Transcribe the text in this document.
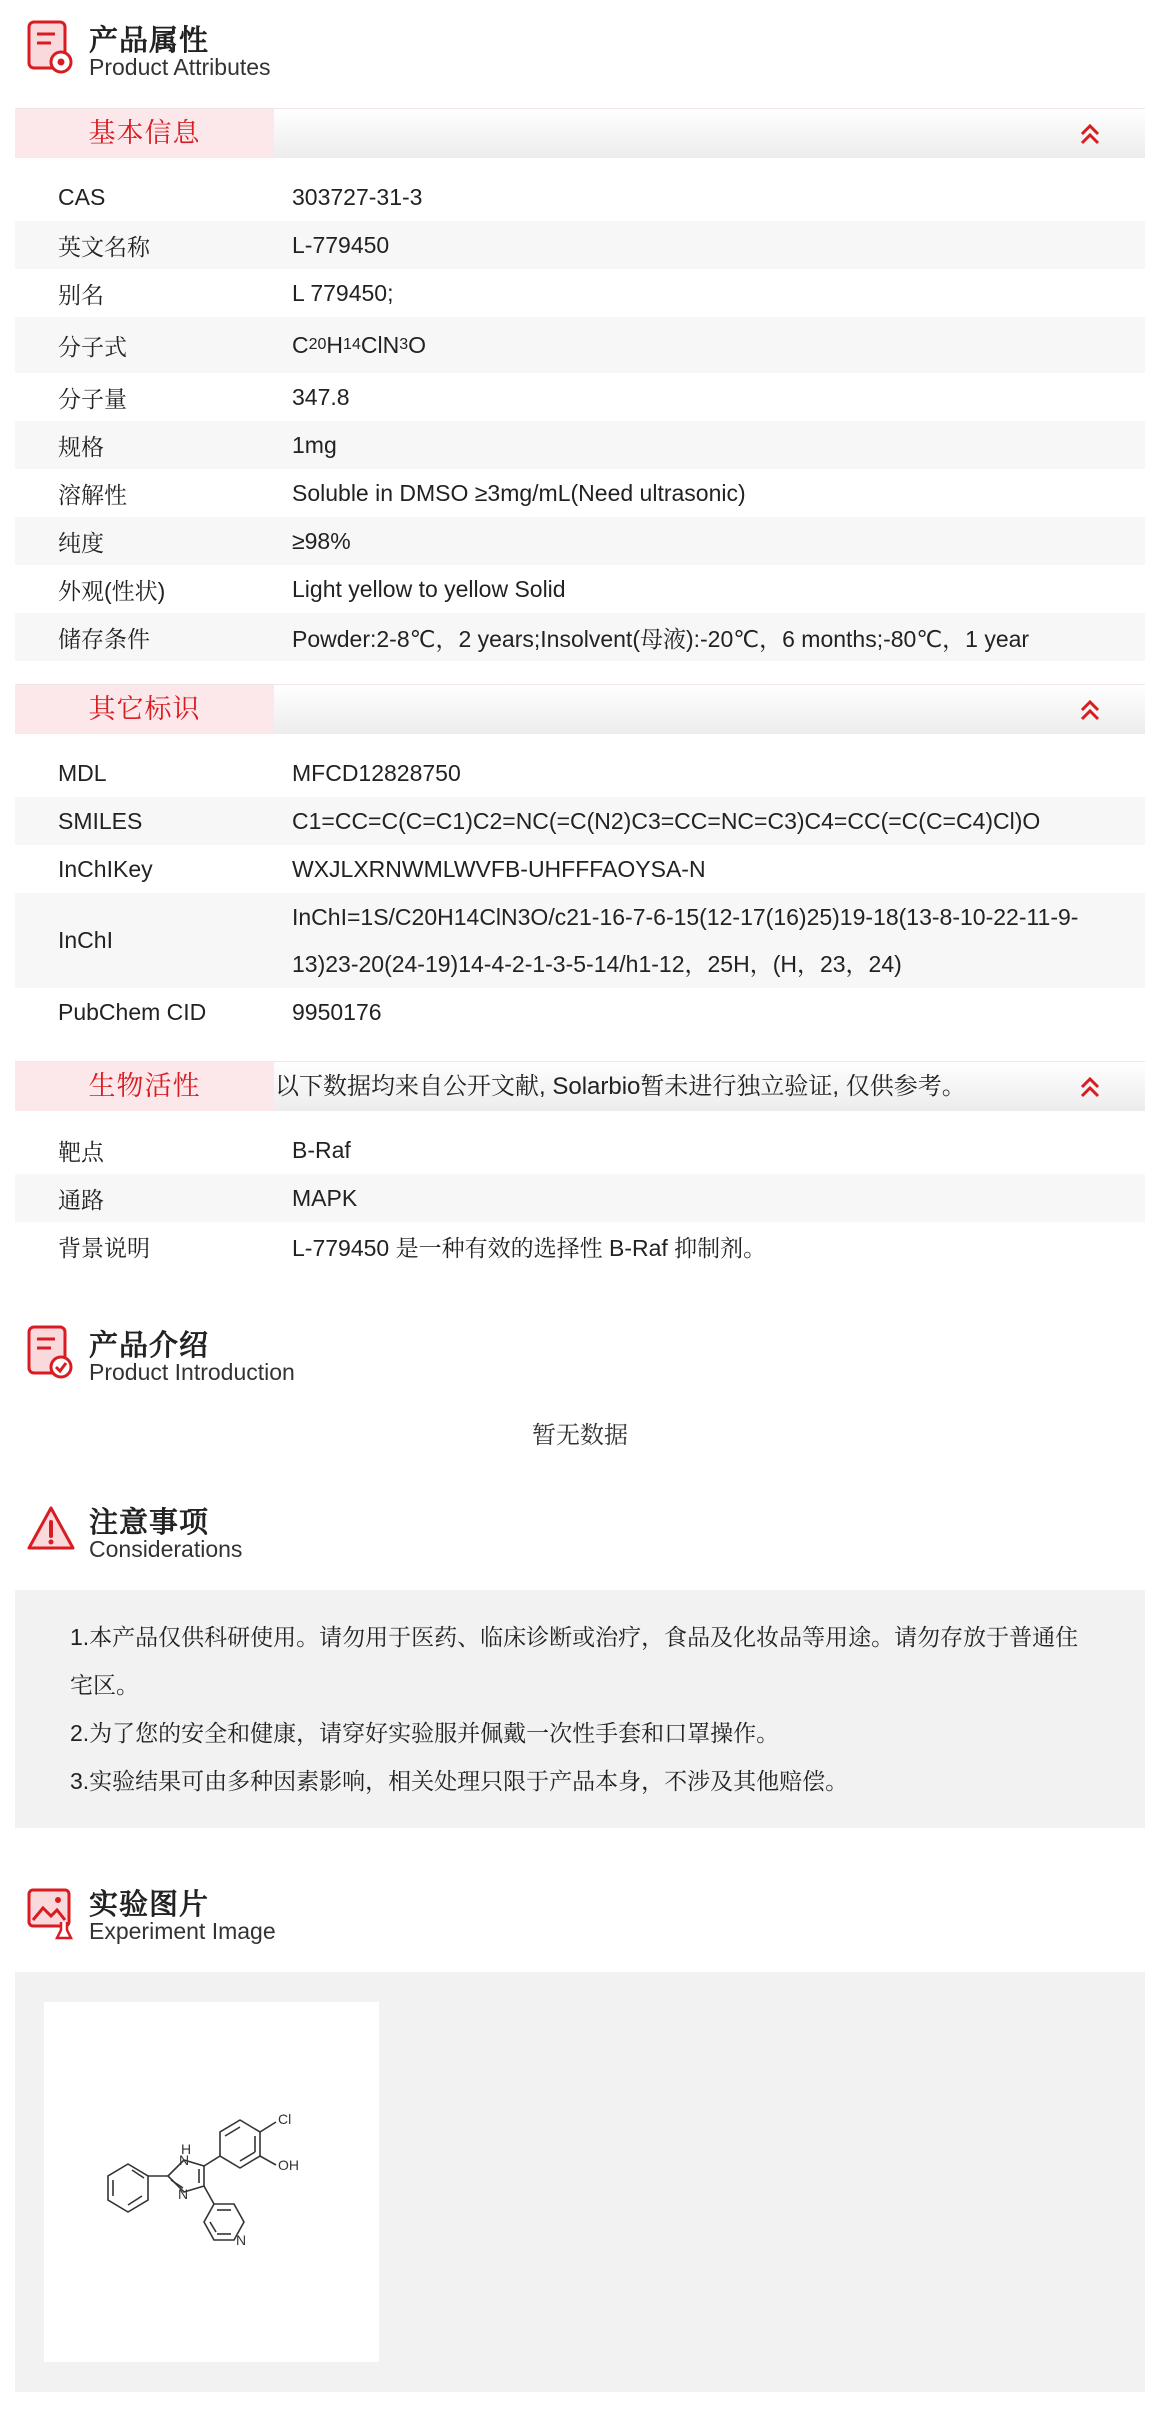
产品属性
Product Attributes
基本信息
CAS	303727-31-3
英文名称	L-779450
别名	L 779450;
分子式	C 20 H 14 ClN 3 O
分子量	347.8
规格	1mg
溶解性	Soluble in DMSO ≥3mg/mL(Need ultrasonic)
纯度	≥98%
外观(性状)	Light yellow to yellow Solid
储存条件	Powder:2-8℃，2 years;Insolvent(母液):-20℃，6 months;-80℃，1 year
其它标识
MDL	MFCD12828750
SMILES	C1=CC=C(C=C1)C2=NC(=C(N2)C3=CC=NC=C3)C4=CC(=C(C=C4)Cl)O
InChIKey	WXJLXRNWMLWVFB-UHFFFAOYSA-N
InChI
InChI=1S/C20H14ClN3O/c21-16-7-6-15(12-17(16)25)19-18(13-8-10-22-11-9-13)23-20(24-19)14-4-2-1-3-5-14/h1-12，25H，(H，23，24)
PubChem CID	9950176
生物活性	以下数据均来自公开文献, Solarbio暂未进行独立验证, 仅供参考。
靶点	B-Raf
通路	MAPK
背景说明	L-779450 是一种有效的选择性 B-Raf 抑制剂。
产品介绍
Product Introduction
暂无数据
注意事项
Considerations

1.本产品仅供科研使用。请勿用于医药、临床诊断或治疗，食品及化妆品等用途。请勿存放于普通住宅区。

2.为了您的安全和健康，请穿好实验服并佩戴一次性手套和口罩操作。

3.实验结果可由多种因素影响，相关处理只限于产品本身，不涉及其他赔偿。

实验图片
Experiment Image
H
N
N
N
Cl
OH
